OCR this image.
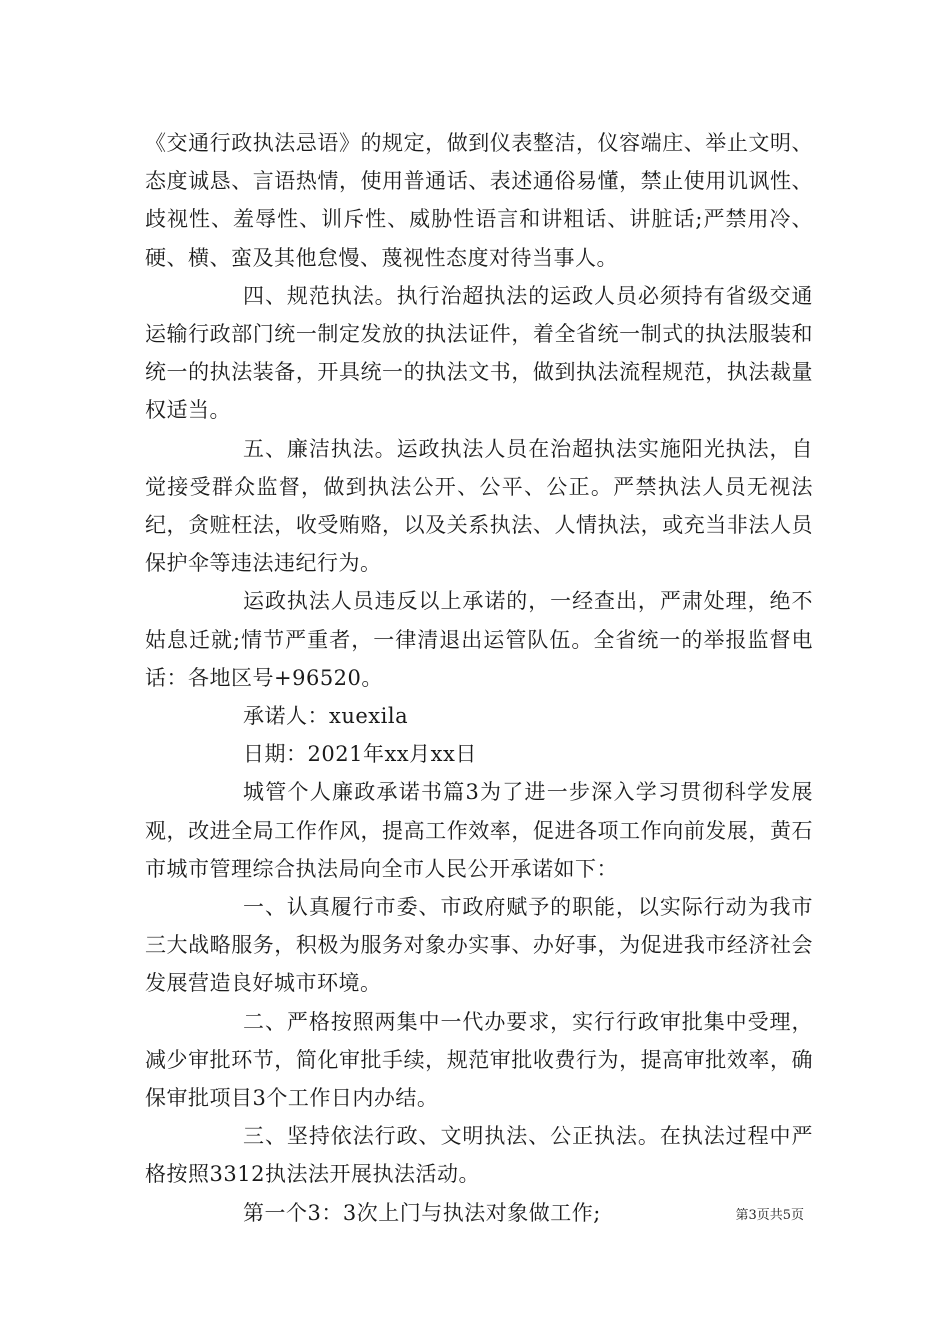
《交通行政执法忌语》的规定，做到仪表整洁，仪容端庄、举止文明、态度诚恳、言语热情，使用普通话、表述通俗易懂，禁止使用讥讽性、歧视性、羞辱性、训斥性、威胁性语言和讲粗话、讲脏话;严禁用冷、硬、横、蛮及其他怠慢、蔑视性态度对待当事人。

四、规范执法。执行治超执法的运政人员必须持有省级交通运输行政部门统一制定发放的执法证件，着全省统一制式的执法服装和统一的执法装备，开具统一的执法文书，做到执法流程规范，执法裁量权适当。

五、廉洁执法。运政执法人员在治超执法实施阳光执法，自觉接受群众监督，做到执法公开、公平、公正。严禁执法人员无视法纪，贪赃枉法，收受贿赂，以及关系执法、人情执法，或充当非法人员保护伞等违法违纪行为。

运政执法人员违反以上承诺的，一经查出，严肃处理，绝不姑息迁就;情节严重者，一律清退出运管队伍。全省统一的举报监督电话：各地区号+96520。

承诺人：xuexila

日期：2021年xx月xx日

城管个人廉政承诺书篇3为了进一步深入学习贯彻科学发展观，改进全局工作作风，提高工作效率，促进各项工作向前发展，黄石市城市管理综合执法局向全市人民公开承诺如下：

一、认真履行市委、市政府赋予的职能，以实际行动为我市三大战略服务，积极为服务对象办实事、办好事，为促进我市经济社会发展营造良好城市环境。

二、严格按照两集中一代办要求，实行行政审批集中受理，减少审批环节，简化审批手续，规范审批收费行为，提高审批效率，确保审批项目3个工作日内办结。

三、坚持依法行政、文明执法、公正执法。在执法过程中严格按照3312执法法开展执法活动。

第一个3：3次上门与执法对象做工作;	第3页共5页
